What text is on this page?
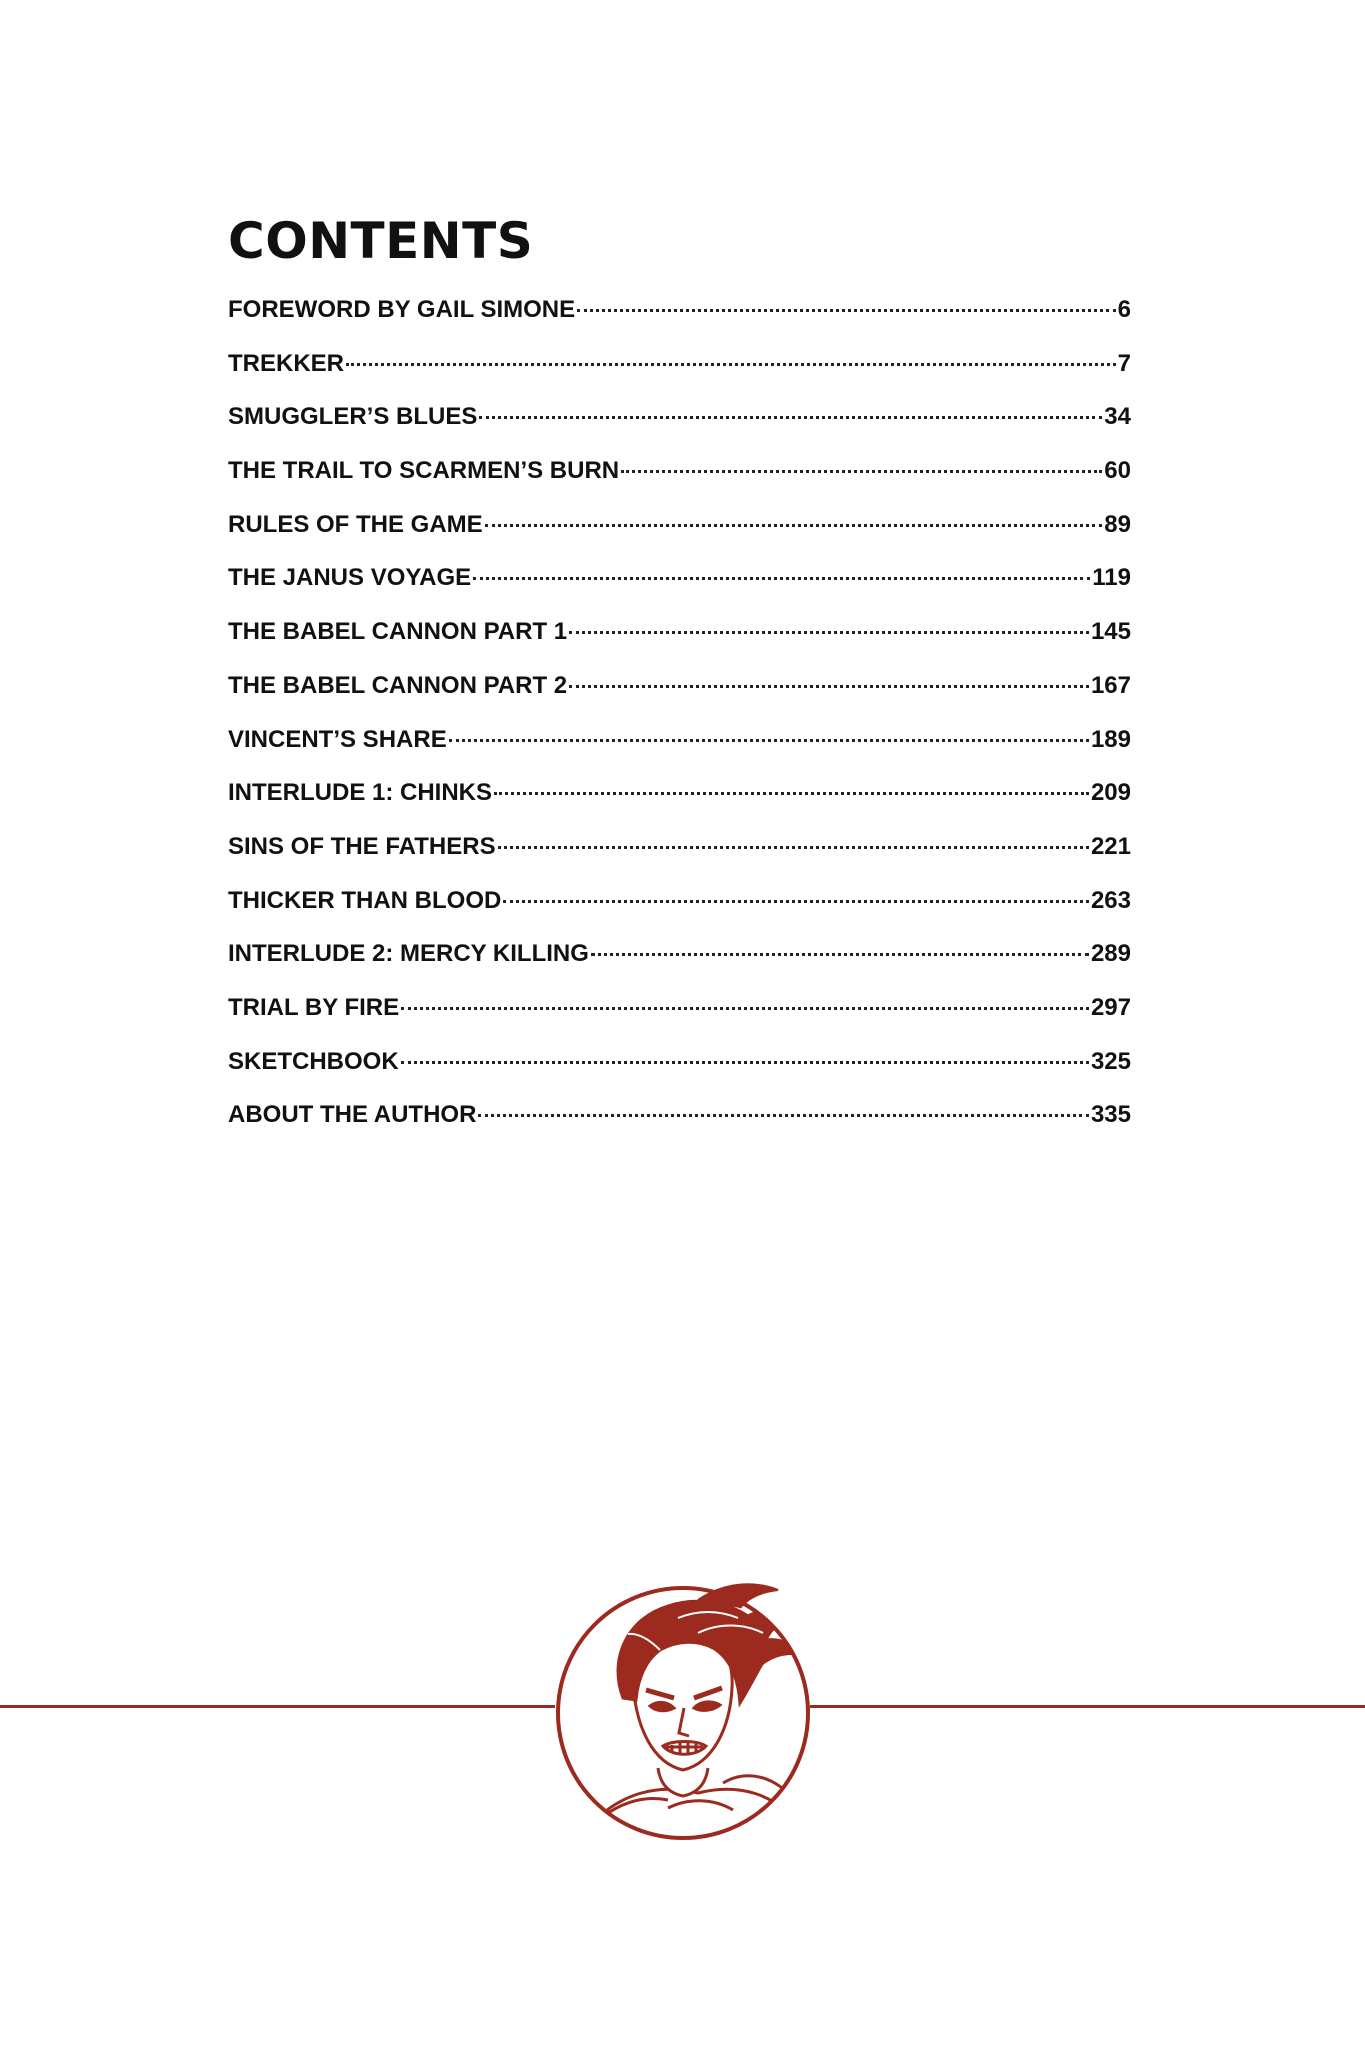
CONTENTS
FOREWORD BY GAIL SIMONE	6
TREKKER	7
SMUGGLER’S BLUES	34
THE TRAIL TO SCARMEN’S BURN	60
RULES OF THE GAME	89
THE JANUS VOYAGE	119
THE BABEL CANNON PART 1	145
THE BABEL CANNON PART 2	167
VINCENT’S SHARE	189
INTERLUDE 1: CHINKS	209
SINS OF THE FATHERS	221
THICKER THAN BLOOD	263
INTERLUDE 2: MERCY KILLING	289
TRIAL BY FIRE	297
SKETCHBOOK	325
ABOUT THE AUTHOR	335
